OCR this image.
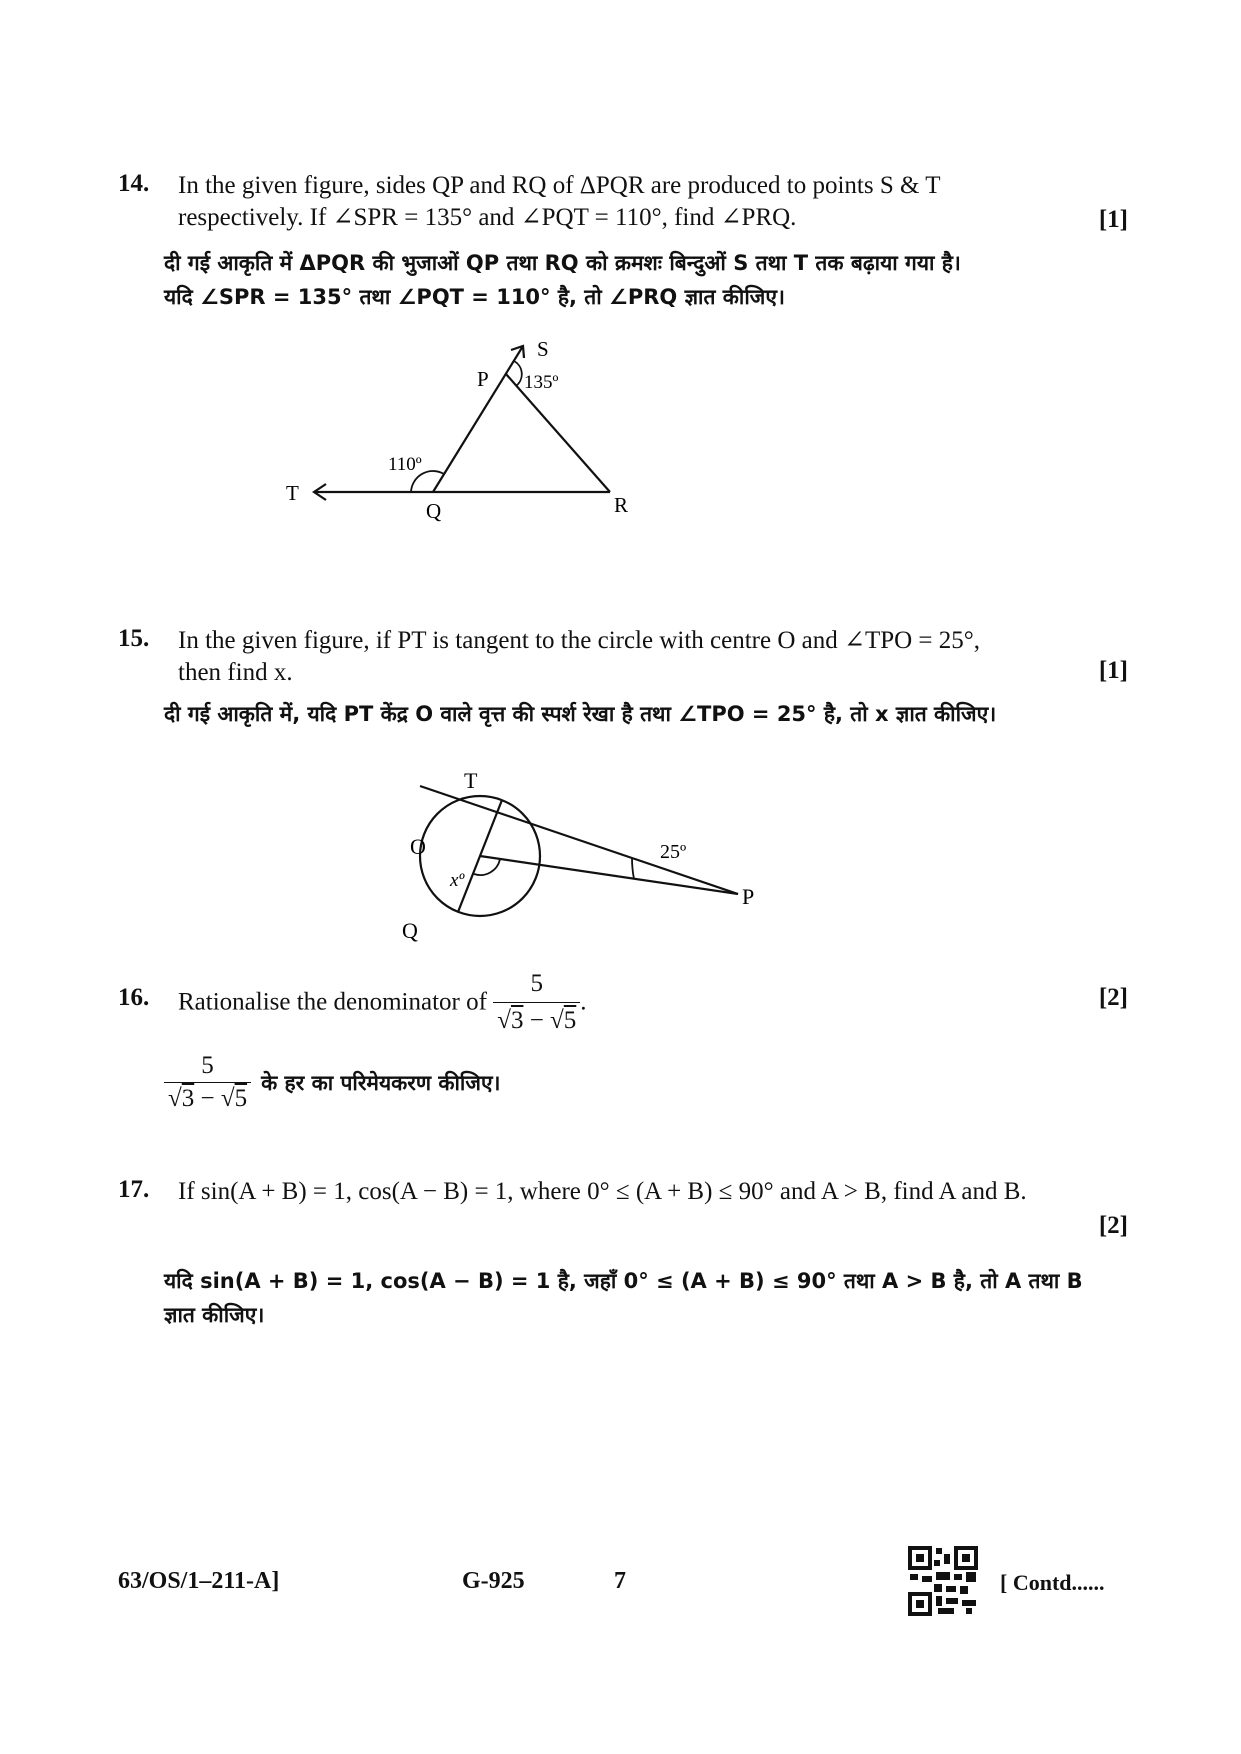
14. In the given figure, sides QP and RQ of ΔPQR are produced to points S & T
respectively. If ∠SPR = 135° and ∠PQT = 110°, find ∠PRQ.	[1]
दी गई आकृति में ΔPQR की भुजाओं QP तथा RQ को क्रमशः बिन्दुओं S तथा T तक बढ़ाया गया है।
यदि ∠SPR = 135° तथा ∠PQT = 110° है, तो ∠PRQ ज्ञात कीजिए।
S
P 135º
110º
T
Q	R
15. In the given figure, if PT is tangent to the circle with centre O and ∠TPO = 25°,
then find x.	[1]
दी गई आकृति में, यदि PT केंद्र O वाले वृत्त की स्पर्श रेखा है तथा ∠TPO = 25° है, तो x ज्ञात कीजिए।
T
O
xº
25º
P
Q
16. Rationalise the denominator of $\frac{5}{√3 - √5}$ .	[2]
$\frac{5}{√3 - √5}$ के हर का परिमेयकरण कीजिए।
17. If sin(A + B) = 1, cos(A − B) = 1, where 0° ≤ (A + B) ≤ 90° and A > B, find A and B.
[2]
यदि sin(A + B) = 1, cos(A − B) = 1 है, जहाँ 0° ≤ (A + B) ≤ 90° तथा A > B है, तो A तथा B
ज्ञात कीजिए।
63/OS/1–211-A]	G-925	7	[ Contd......
